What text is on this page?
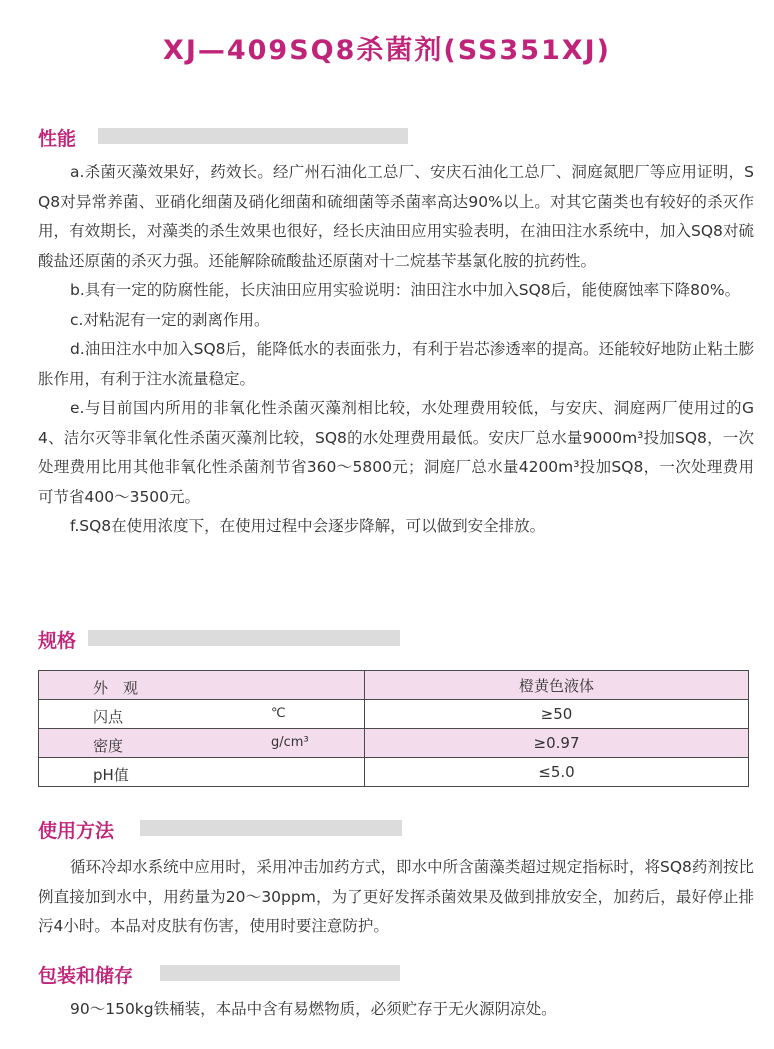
XJ—409SQ8杀菌剂(SS351XJ)
性能

a.杀菌灭藻效果好，药效长。经广州石油化工总厂、安庆石油化工总厂、洞庭氮肥厂等应用证明，SQ8对异常养菌、亚硝化细菌及硝化细菌和硫细菌等杀菌率高达90%以上。对其它菌类也有较好的杀灭作用，有效期长，对藻类的杀生效果也很好，经长庆油田应用实验表明，在油田注水系统中，加入SQ8对硫酸盐还原菌的杀灭力强。还能解除硫酸盐还原菌对十二烷基苄基氯化胺的抗药性。

b.具有一定的防腐性能，长庆油田应用实验说明：油田注水中加入SQ8后，能使腐蚀率下降80%。

c.对粘泥有一定的剥离作用。

d.油田注水中加入SQ8后，能降低水的表面张力，有利于岩芯渗透率的提高。还能较好地防止粘土膨胀作用，有利于注水流量稳定。

e.与目前国内所用的非氧化性杀菌灭藻剂相比较，水处理费用较低，与安庆、洞庭两厂使用过的G4、洁尔灭等非氧化性杀菌灭藻剂比较，SQ8的水处理费用最低。安庆厂总水量9000m³投加SQ8，一次处理费用比用其他非氧化性杀菌剂节省360～5800元；洞庭厂总水量4200m³投加SQ8，一次处理费用可节省400～3500元。

f.SQ8在使用浓度下，在使用过程中会逐步降解，可以做到安全排放。

规格
外　观	橙黄色液体

闪点 ℃	≥50

密度 g/cm³	≥0.97

pH值	≤5.0
使用方法

循环冷却水系统中应用时，采用冲击加药方式，即水中所含菌藻类超过规定指标时，将SQ8药剂按比例直接加到水中，用药量为20～30ppm，为了更好发挥杀菌效果及做到排放安全，加药后，最好停止排污4小时。本品对皮肤有伤害，使用时要注意防护。

包装和储存

90～150kg铁桶装，本品中含有易燃物质，必须贮存于无火源阴凉处。
